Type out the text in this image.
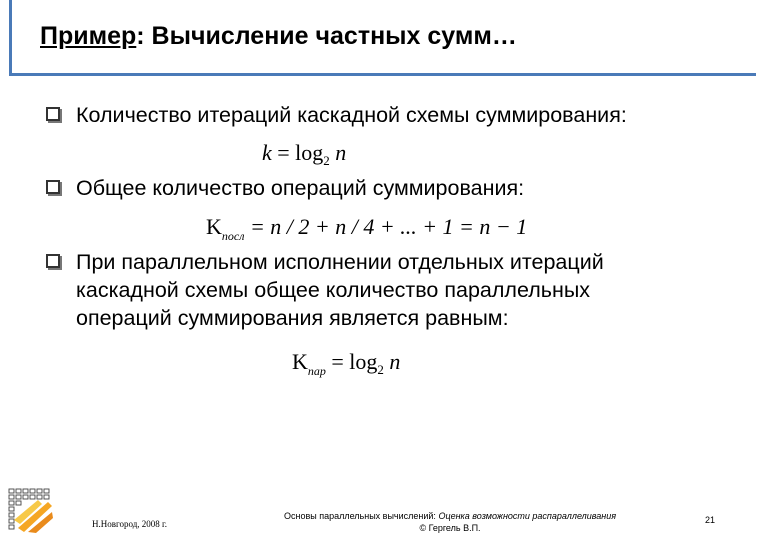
Пример: Вычисление частных сумм…
Количество итераций каскадной схемы суммирования:
$k = \log_2 n$
Общее количество операций суммирования:
$K_{посл} = n / 2 + n / 4$ + ... + 1 = n − 1
При параллельном исполнении отдельных итераций
каскадной схемы общее количество параллельных
операций суммирования является равным:
$K_{пар} = \log_2 n$
Н.Новгород, 2008 г.
Основы параллельных вычислений: Оценка возможности распараллеливания
© Гергель В.П.
21
